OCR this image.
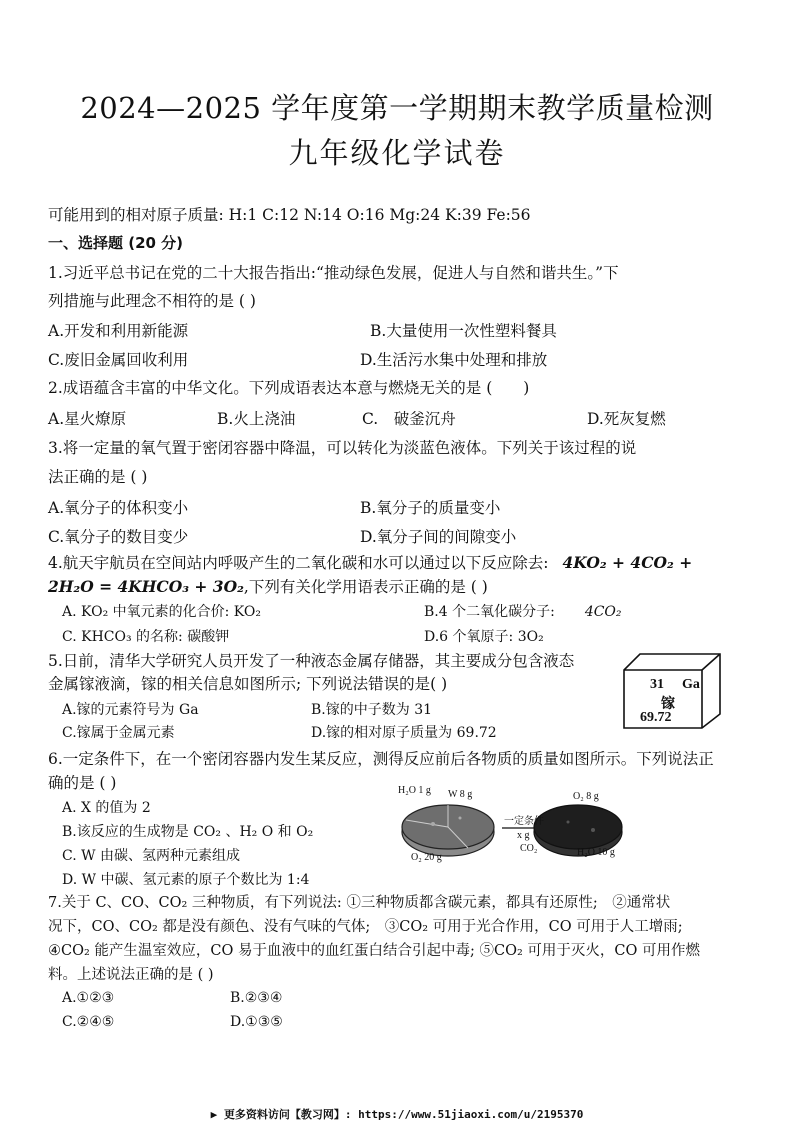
2024—2025 学年度第一学期期末教学质量检测
九年级化学试卷
可能用到的相对原子质量: H:1 C:12 N:14 O:16 Mg:24 K:39 Fe:56
一、选择题 (20 分)
1.习近平总书记在党的二十大报告指出:“推动绿色发展，促进人与自然和谐共生。”下
列措施与此理念不相符的是 ( )
A.开发和利用新能源	B.大量使用一次性塑料餐具
C.废旧金属回收利用	D.生活污水集中处理和排放
2.成语蕴含丰富的中华文化。下列成语表达本意与燃烧无关的是 (　　)
A.星火燎原	B.火上浇油	C.　破釜沉舟	D.死灰复燃
3.将一定量的氧气置于密闭容器中降温，可以转化为淡蓝色液体。下列关于该过程的说
法正确的是 ( )
A.氧分子的体积变小	B.氧分子的质量变小
C.氧分子的数目变少	D.氧分子间的间隙变小
4.航天宇航员在空间站内呼吸产生的二氧化碳和水可以通过以下反应除去: 4KO₂ + 4CO₂ +
2H₂O = 4KHCO₃ + 3O₂,下列有关化学用语表示正确的是 ( )
A. KO₂ 中氧元素的化合价: KO₂	B.4 个二氧化碳分子: 4CO₂
C. KHCO₃ 的名称: 碳酸钾	D.6 个氧原子: 3O₂
5.日前，清华大学研究人员开发了一种液态金属存储器，其主要成分包含液态
金属镓液滴，镓的相关信息如图所示; 下列说法错误的是( )
A.镓的元素符号为 Ga	B.镓的中子数为 31
C.镓属于金属元素	D.镓的相对原子质量为 69.72
31 Ga
镓
69.72
6.一定条件下，在一个密闭容器内发生某反应，测得反应前后各物质的质量如图所示。下列说法正
确的是 ( )
A. X 的值为 2
B.该反应的生成物是 CO₂ 、H₂ O 和 O₂
C. W 由碳、氢两种元素组成
D. W 中碳、氢元素的原子个数比为 1:4
H₂O 1 g W 8 g
O₂ 20 g
一定条件
O₂ 8 g
x g
CO₂	H₂O 10 g
7.关于 C、CO、CO₂ 三种物质，有下列说法: ①三种物质都含碳元素，都具有还原性;　②通常状
况下，CO、CO₂ 都是没有颜色、没有气味的气体;　③CO₂ 可用于光合作用，CO 可用于人工增雨;
④CO₂ 能产生温室效应，CO 易于血液中的血红蛋白结合引起中毒; ⑤CO₂ 可用于灭火，CO 可用作燃
料。上述说法正确的是 ( )
A.①②③	B.②③④
C.②④⑤	D.①③⑤
▶ 更多资料访问【教习网】: https://www.51jiaoxi.com/u/2195370
